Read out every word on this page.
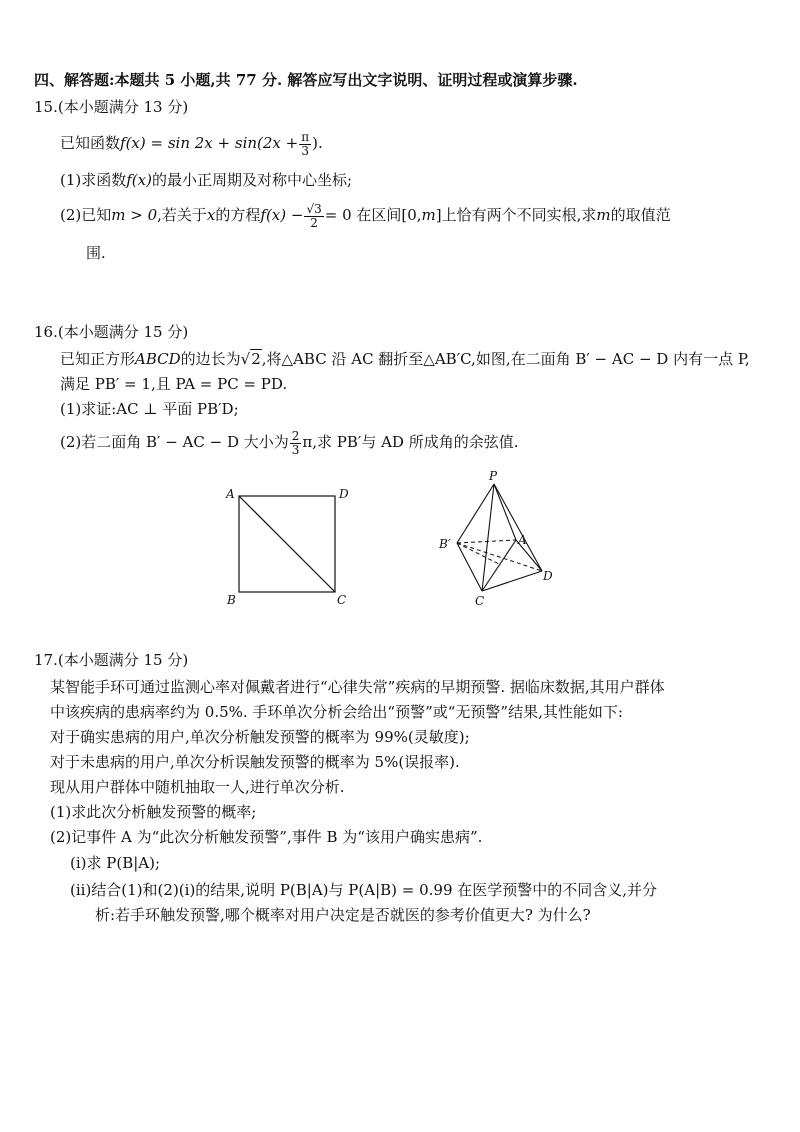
四、解答题:本题共 5 小题,共 77 分. 解答应写出文字说明、证明过程或演算步骤.
15.(本小题满分 13 分)
已知函数$f(x) = \sin 2x + \sin(2x + \frac{\pi}{3}$ ).
(1)求函数f(x)的最小正周期及对称中心坐标;
(2)已知m > 0,若关于x的方程$f(x) - \frac{√3}{2} = 0$ 在区间[0,m]上恰有两个不同实根,求m的取值范
围.
16.(本小题满分 15 分)
已知正方形ABCD的边长为√2,将△ABC 沿 AC 翻折至△AB′C,如图,在二面角 B′ − AC − D 内有一点 P,
满足 PB′ = 1,且 PA = PC = PD.
(1)求证:AC ⊥ 平面 PB′D;
(2)若二面角 B′ − AC − D 大小为 $\frac{2}{3} \pi$,求 PB′与 AD 所成角的余弦值.
A	D
B	C
P
B′	A
C
D
17.(本小题满分 15 分)
某智能手环可通过监测心率对佩戴者进行“心律失常”疾病的早期预警. 据临床数据,其用户群体
中该疾病的患病率约为 0.5%. 手环单次分析会给出“预警”或“无预警”结果,其性能如下:
对于确实患病的用户,单次分析触发预警的概率为 99%(灵敏度);
对于未患病的用户,单次分析误触发预警的概率为 5%(误报率).
现从用户群体中随机抽取一人,进行单次分析.
(1)求此次分析触发预警的概率;
(2)记事件 A 为“此次分析触发预警”,事件 B 为“该用户确实患病”.
(i)求 P(B|A);
(ii)结合(1)和(2)(i)的结果,说明 P(B|A)与 P(A|B) = 0.99 在医学预警中的不同含义,并分
析:若手环触发预警,哪个概率对用户决定是否就医的参考价值更大? 为什么?
